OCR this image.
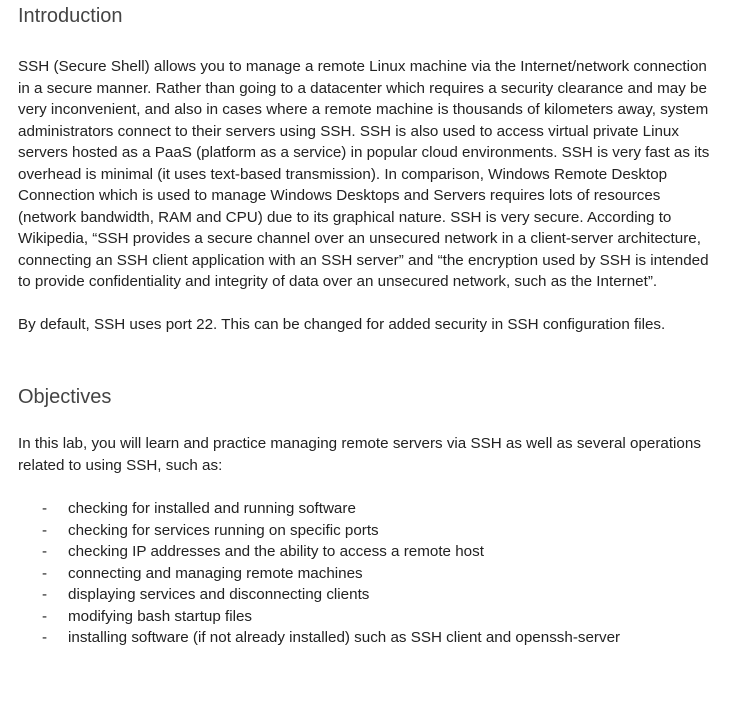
Introduction

SSH (Secure Shell) allows you to manage a remote Linux machine via the Internet/network connection in a secure manner. Rather than going to a datacenter which requires a security clearance and may be very inconvenient, and also in cases where a remote machine is thousands of kilometers away, system administrators connect to their servers using SSH. SSH is also used to access virtual private Linux servers hosted as a PaaS (platform as a service) in popular cloud environments. SSH is very fast as its overhead is minimal (it uses text-based transmission). In comparison, Windows Remote Desktop Connection which is used to manage Windows Desktops and Servers requires lots of resources (network bandwidth, RAM and CPU) due to its graphical nature. SSH is very secure. According to Wikipedia, “SSH provides a secure channel over an unsecured network in a client-server architecture, connecting an SSH client application with an SSH server” and “the encryption used by SSH is intended to provide confidentiality and integrity of data over an unsecured network, such as the Internet”.

By default, SSH uses port 22. This can be changed for added security in SSH configuration files.

Objectives

In this lab, you will learn and practice managing remote servers via SSH as well as several operations related to using SSH, such as:

-	checking for installed and running software
-	checking for services running on specific ports
-	checking IP addresses and the ability to access a remote host
-	connecting and managing remote machines
-	displaying services and disconnecting clients
-	modifying bash startup files
-	installing software (if not already installed) such as SSH client and openssh-server
